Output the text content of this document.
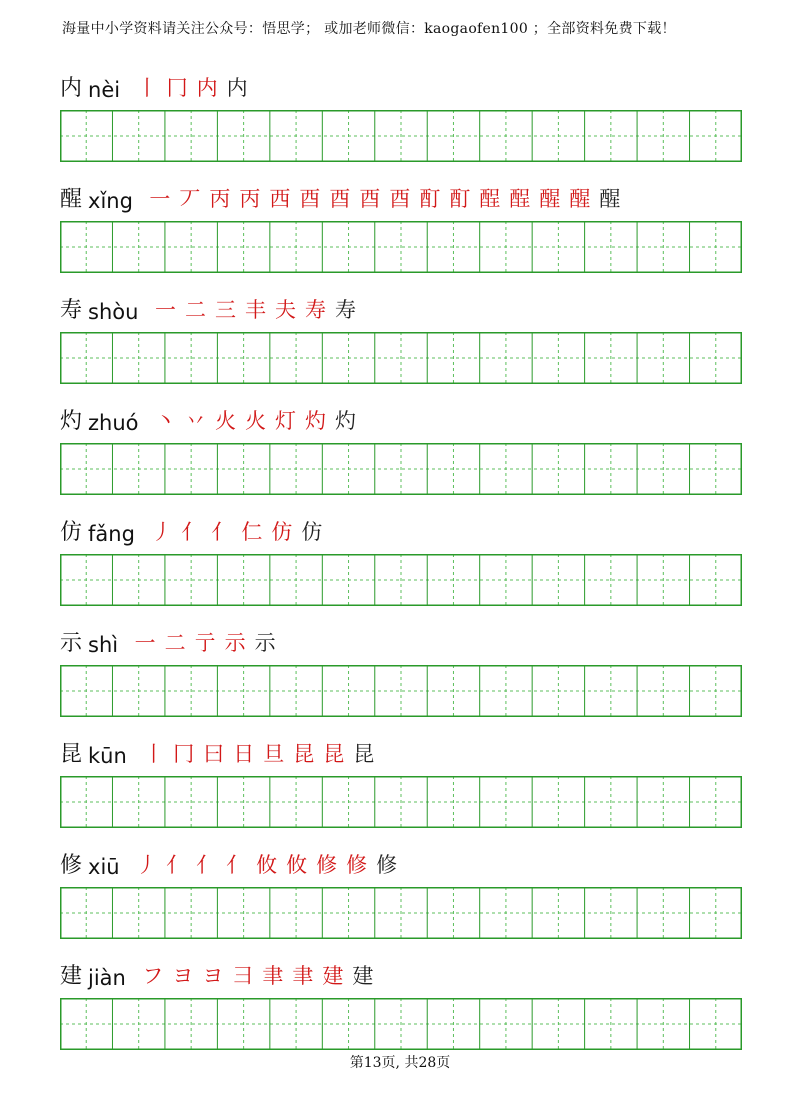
海量中小学资料请关注公众号：悟思学； 或加老师微信：kaogaofen100 ；全部资料免费下载！
内 nèi 丨 冂 内 内
醒 xǐng 一 丆 丙 丙 西 酉 酉 酉 酉 酊 酊 酲 酲 醒 醒 醒
寿 shòu 一 二 三 丰 夫 寿 寿
灼 zhuó 丶 丷 火 火 灯 灼 灼
仿 fǎng 丿 亻 亻 仁 仿 仿
示 shì 一 二 亍 示 示
昆 kūn 丨 冂 曰 日 旦 昆 昆 昆
修 xiū 丿 亻 亻 亻 攸 攸 修 修 修
建 jiàn フ ヨ ヨ 彐 聿 聿 建 建
第13页, 共28页
